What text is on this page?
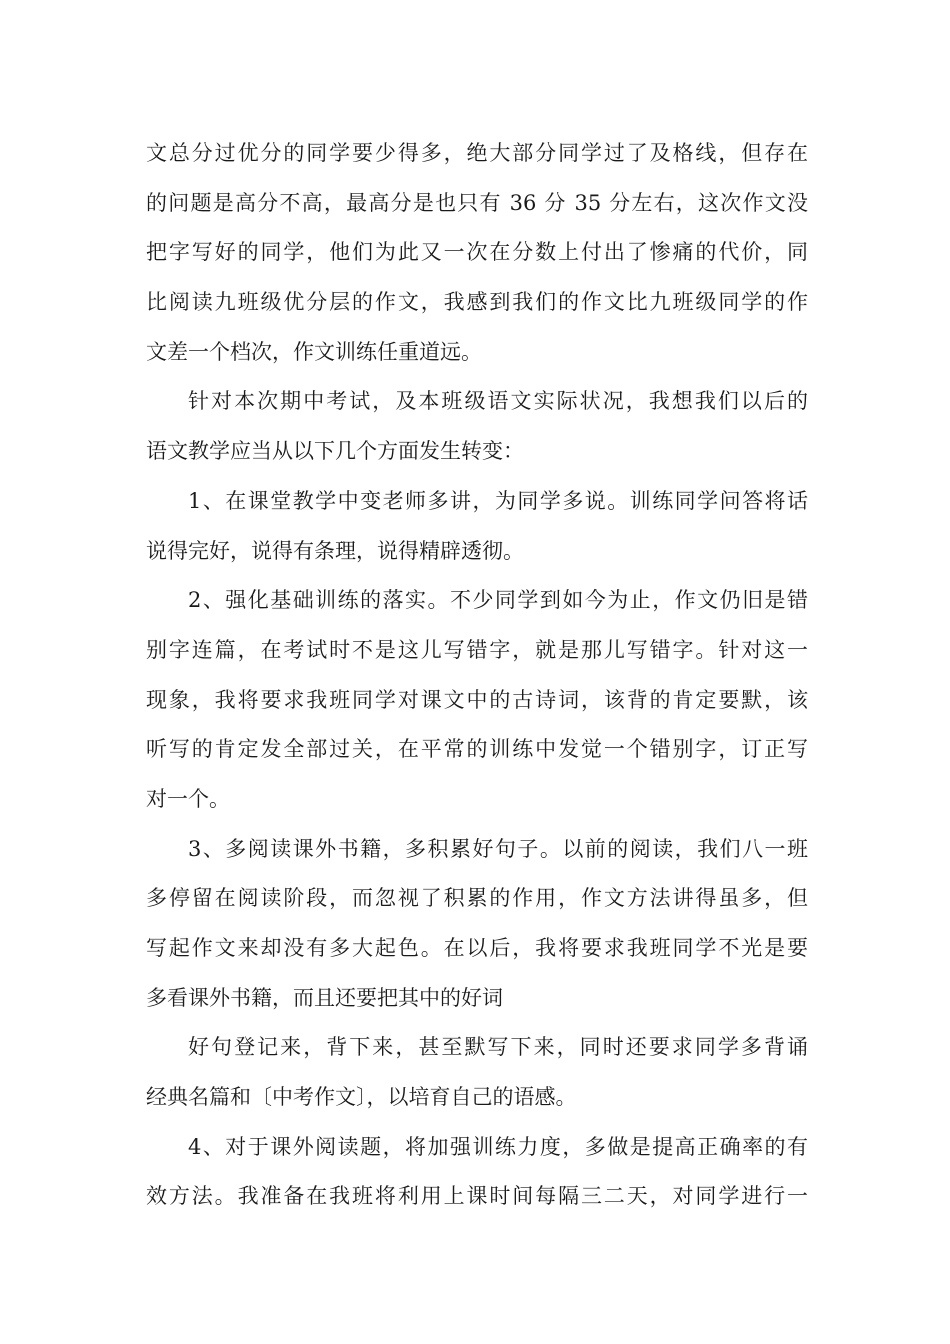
文总分过优分的同学要少得多，绝大部分同学过了及格线，但存在
的问题是高分不高，最高分是也只有 36 分 35 分左右，这次作文没
把字写好的同学，他们为此又一次在分数上付出了惨痛的代价，同
比阅读九班级优分层的作文，我感到我们的作文比九班级同学的作
文差一个档次，作文训练任重道远。
针对本次期中考试，及本班级语文实际状况，我想我们以后的
语文教学应当从以下几个方面发生转变：
1、在课堂教学中变老师多讲，为同学多说。训练同学问答将话
说得完好，说得有条理，说得精辟透彻。
2、强化基础训练的落实。不少同学到如今为止，作文仍旧是错
别字连篇，在考试时不是这儿写错字，就是那儿写错字。针对这一
现象，我将要求我班同学对课文中的古诗词，该背的肯定要默，该
听写的肯定发全部过关，在平常的训练中发觉一个错别字，订正写
对一个。
3、多阅读课外书籍，多积累好句子。以前的阅读，我们八一班
多停留在阅读阶段，而忽视了积累的作用，作文方法讲得虽多，但
写起作文来却没有多大起色。在以后，我将要求我班同学不光是要
多看课外书籍，而且还要把其中的好词
好句登记来，背下来，甚至默写下来，同时还要求同学多背诵
经典名篇和〔中考作文〕，以培育自己的语感。
4、对于课外阅读题，将加强训练力度，多做是提高正确率的有
效方法。我准备在我班将利用上课时间每隔三二天，对同学进行一
